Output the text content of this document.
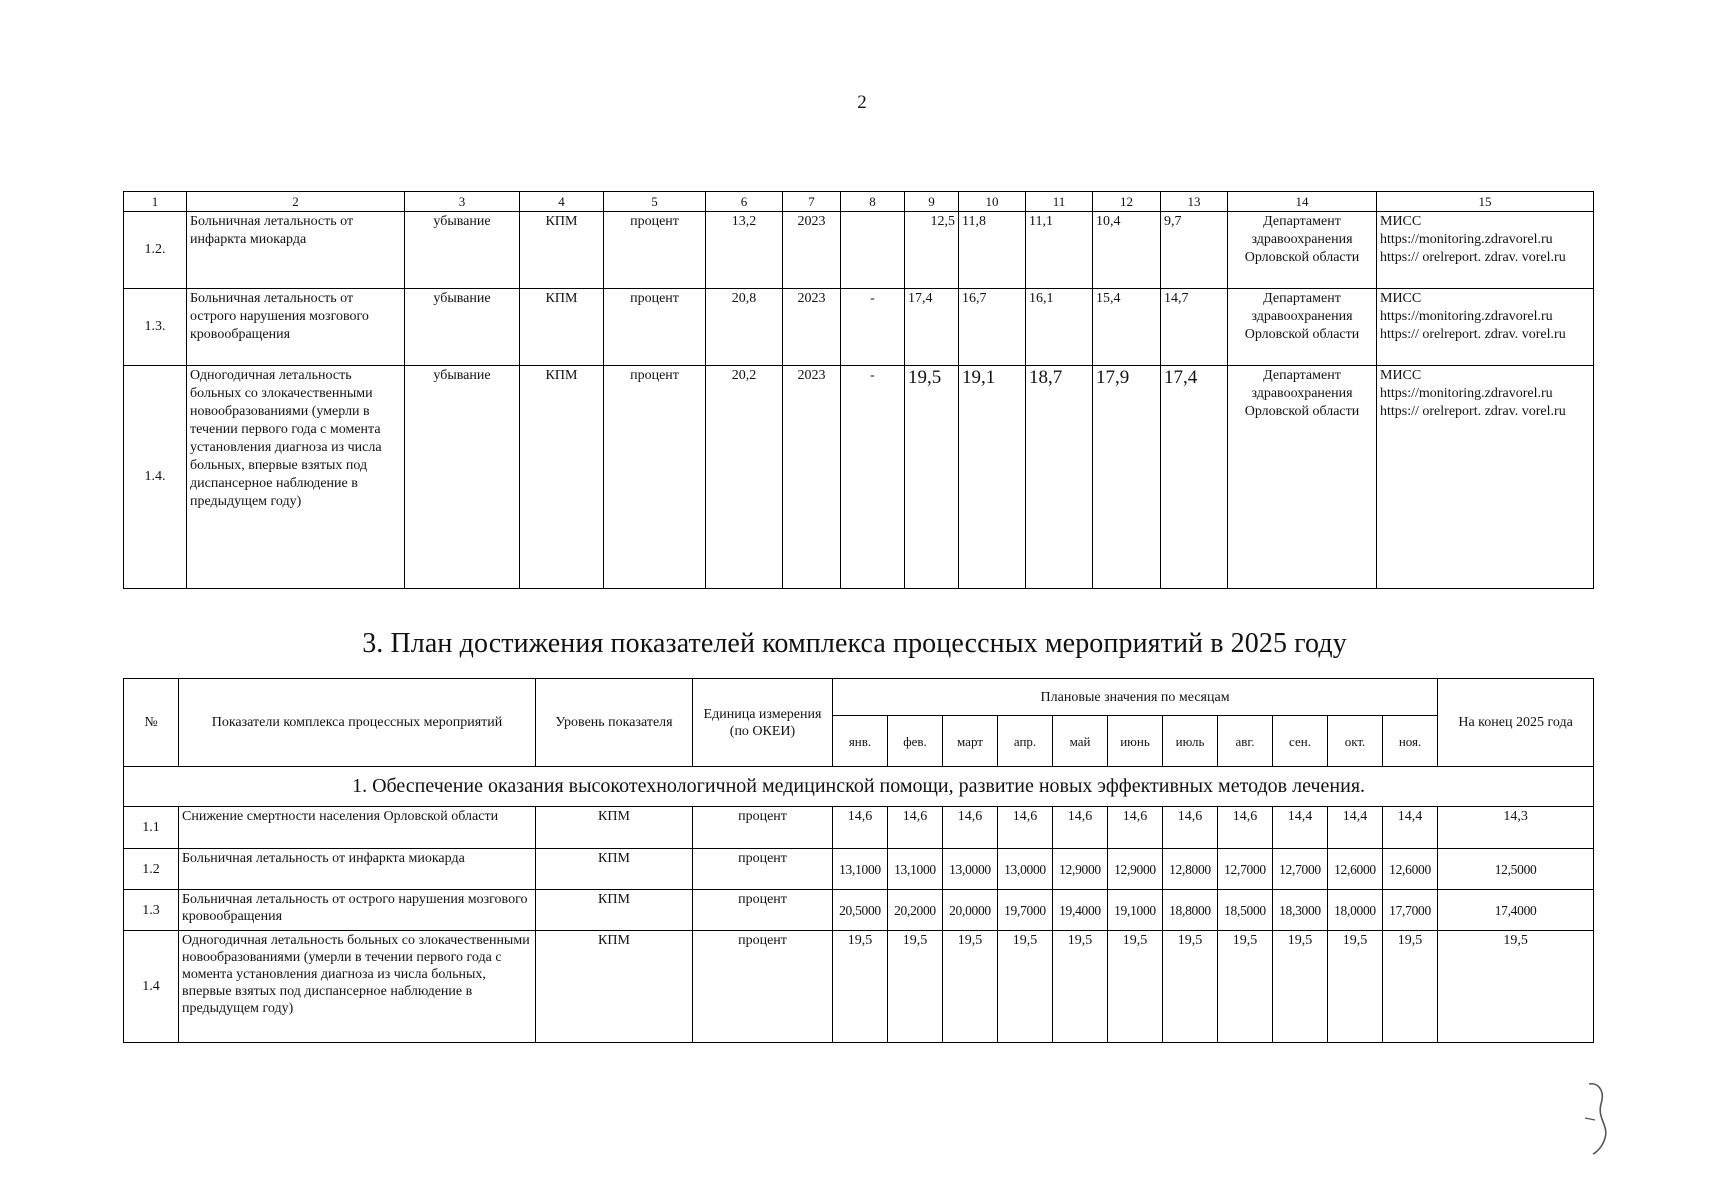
2
1	2	3	4	5	6	7	8	9	10	11	12	13	14	15
1.2.	Больничная летальность от инфаркта миокарда	убывание	КПМ	процент	13,2	2023		12,5	11,8	11,1	10,4	9,7	Департамент здравоохранения Орловской области	МИСС https://monitoring.zdravorel.ru https:// orelreport. zdrav. vorel.ru
1.3.	Больничная летальность от острого нарушения мозгового кровообращения	убывание	КПМ	процент	20,8	2023	-	17,4	16,7	16,1	15,4	14,7	Департамент здравоохранения Орловской области	МИСС https://monitoring.zdravorel.ru https:// orelreport. zdrav. vorel.ru
1.4.	Одногодичная летальность больных со злокачественными новообразованиями (умерли в течении первого года с момента установления диагноза из числа больных, впервые взятых под диспансерное наблюдение в предыдущем году)	убывание	КПМ	процент	20,2	2023	-	19,5	19,1	18,7	17,9	17,4	Департамент здравоохранения Орловской области	МИСС https://monitoring.zdravorel.ru https:// orelreport. zdrav. vorel.ru
3. План достижения показателей комплекса процессных мероприятий в 2025 году
№	Показатели комплекса процессных мероприятий	Уровень показателя	Единица измерения (по ОКЕИ)	Плановые значения по месяцам											На конец 2025 года
				янв.	фев.	март	апр.	май	июнь	июль	авг.	сен.	окт.	ноя.	
1. Обеспечение оказания высокотехнологичной медицинской помощи, развитие новых эффективных методов лечения.															
1.1	Снижение смертности населения Орловской области	КПМ	процент	14,6	14,6	14,6	14,6	14,6	14,6	14,6	14,6	14,4	14,4	14,4	14,3
1.2	Больничная летальность от инфаркта миокарда	КПМ	процент	13,1000	13,1000	13,0000	13,0000	12,9000	12,9000	12,8000	12,7000	12,7000	12,6000	12,6000	12,5000
1.3	Больничная летальность от острого нарушения мозгового кровообращения	КПМ	процент	20,5000	20,2000	20,0000	19,7000	19,4000	19,1000	18,8000	18,5000	18,3000	18,0000	17,7000	17,4000
1.4	Одногодичная летальность больных со злокачественными новообразованиями (умерли в течении первого года с момента установления диагноза из числа больных, впервые взятых под диспансерное наблюдение в предыдущем году)	КПМ	процент	19,5	19,5	19,5	19,5	19,5	19,5	19,5	19,5	19,5	19,5	19,5	19,5
